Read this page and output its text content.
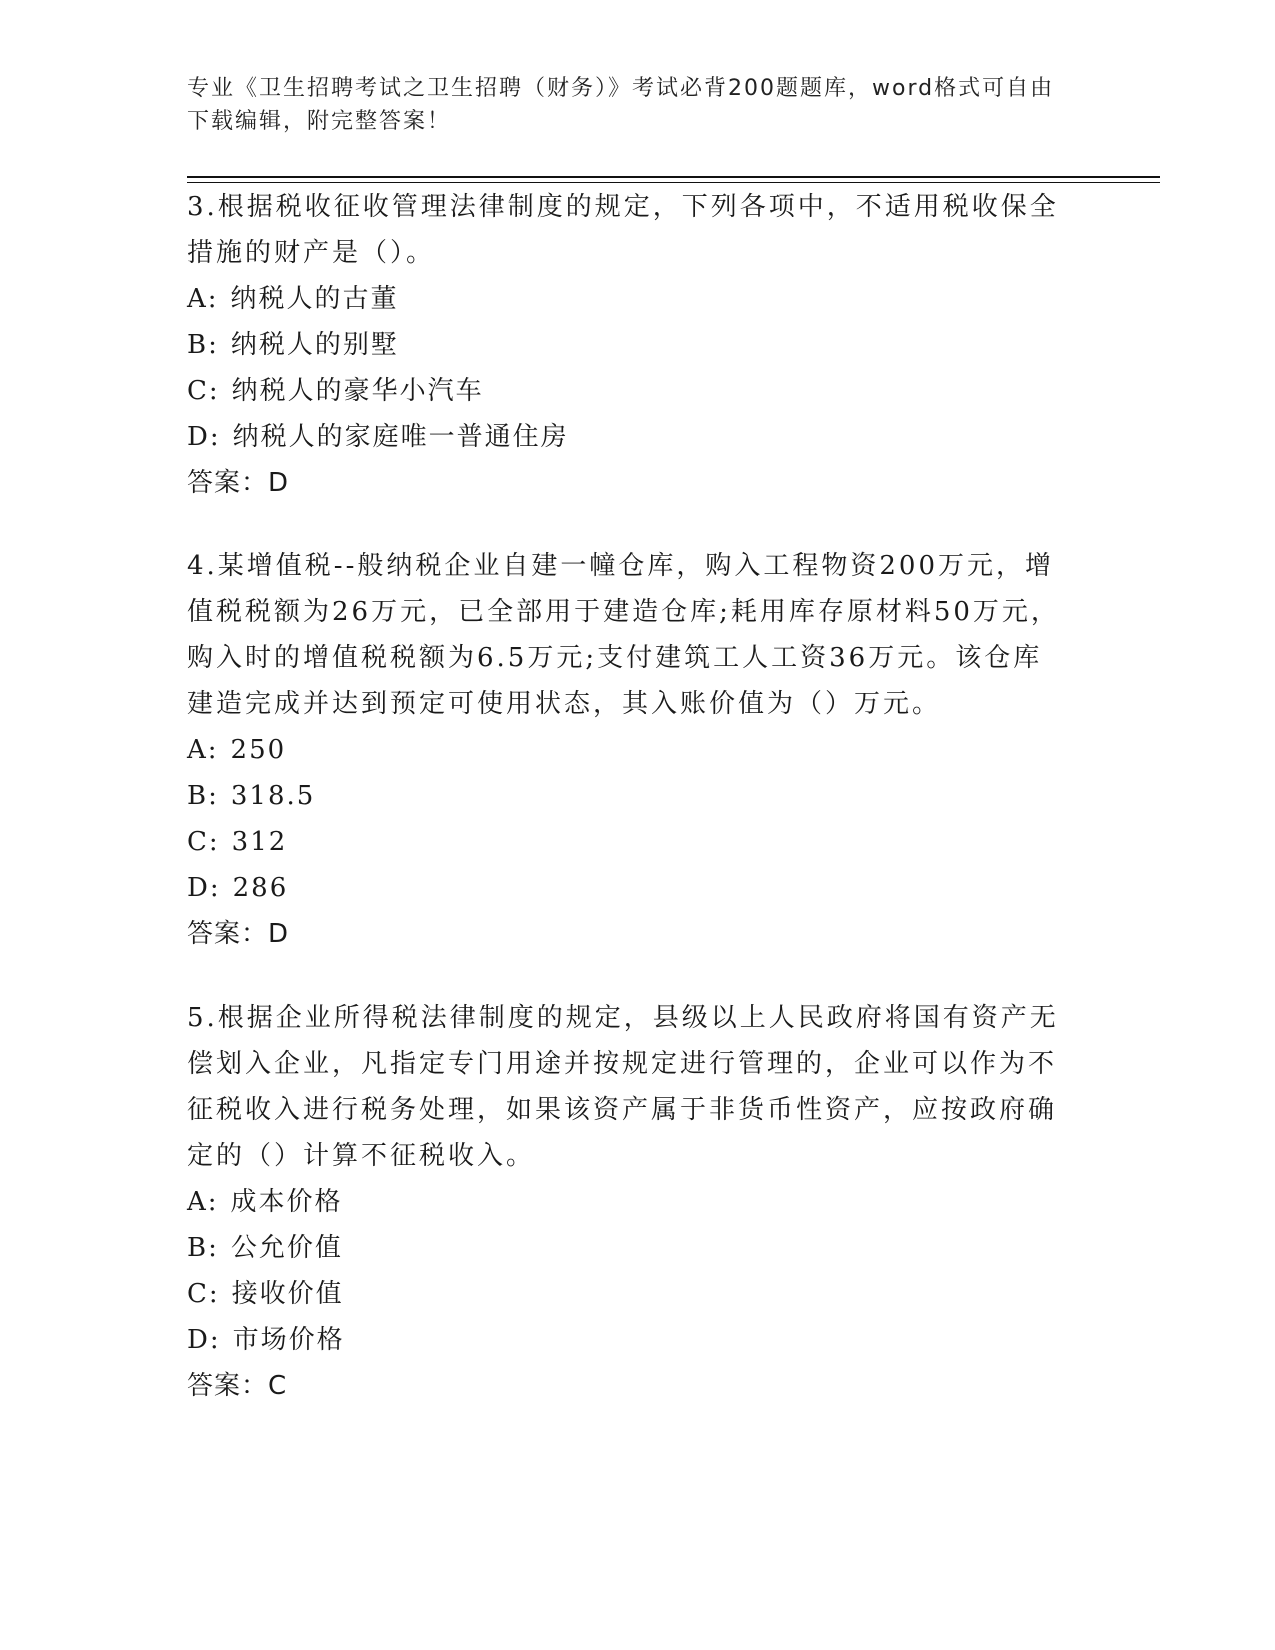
专业《卫生招聘考试之卫生招聘（财务）》考试必背200题题库，word格式可自由下载编辑，附完整答案！

3.根据税收征收管理法律制度的规定，下列各项中，不适用税收保全措施的财产是（）。

A: 纳税人的古董
B: 纳税人的别墅
C: 纳税人的豪华小汽车
D: 纳税人的家庭唯一普通住房
答案：D

4.某增值税--般纳税企业自建一幢仓库，购入工程物资200万元，增值税税额为26万元，已全部用于建造仓库;耗用库存原材料50万元，购入时的增值税税额为6.5万元;支付建筑工人工资36万元。该仓库建造完成并达到预定可使用状态，其入账价值为（）万元。

A: 250
B: 318.5
C: 312
D: 286
答案：D

5.根据企业所得税法律制度的规定，县级以上人民政府将国有资产无偿划入企业，凡指定专门用途并按规定进行管理的，企业可以作为不征税收入进行税务处理，如果该资产属于非货币性资产，应按政府确定的（）计算不征税收入。

A: 成本价格
B: 公允价值
C: 接收价值
D: 市场价格
答案：C
